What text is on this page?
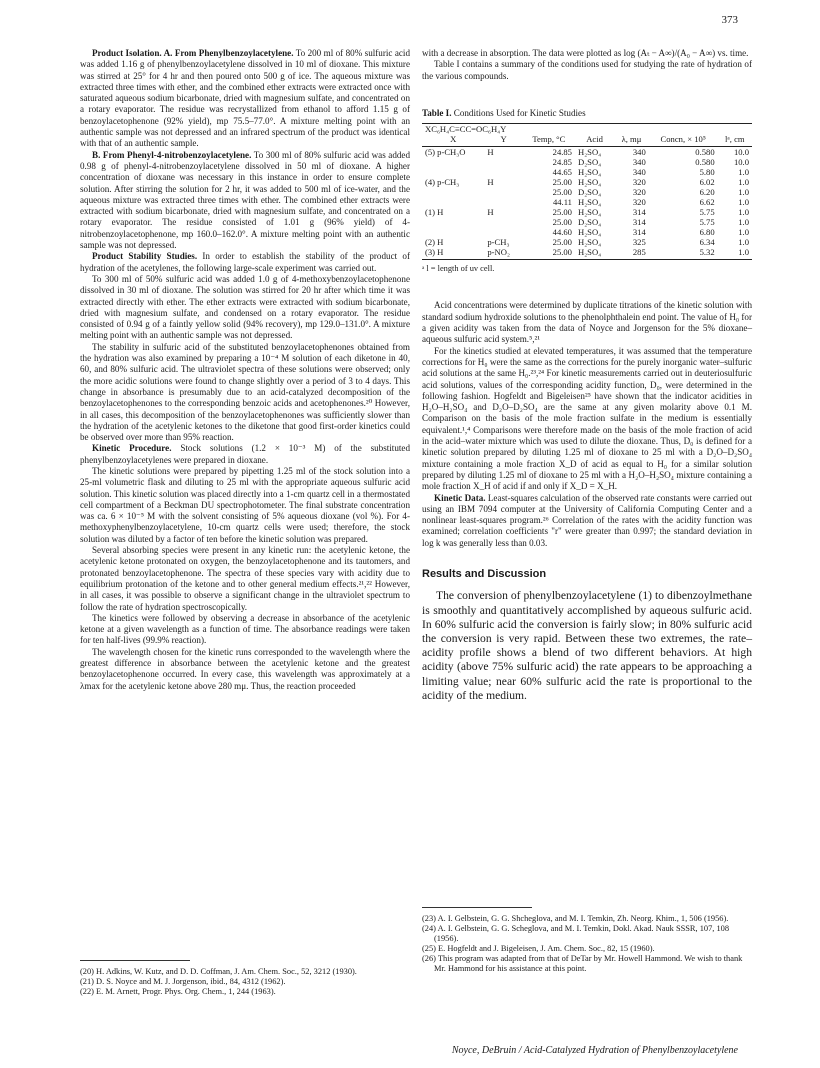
373

Product Isolation. A. From Phenylbenzoylacetylene. To 200 ml of 80% sulfuric acid was added 1.16 g of phenylbenzoylacetylene dissolved in 10 ml of dioxane. This mixture was stirred at 25° for 4 hr and then poured onto 500 g of ice. The aqueous mixture was extracted three times with ether, and the combined ether extracts were extracted once with saturated aqueous sodium bicarbonate, dried with magnesium sulfate, and concentrated on a rotary evaporator. The residue was recrystallized from ethanol to afford 1.15 g of benzoylacetophenone (92% yield), mp 75.5–77.0°. A mixture melting point with an authentic sample was not depressed and an infrared spectrum of the product was identical with that of an authentic sample.

B. From Phenyl-4-nitrobenzoylacetylene. To 300 ml of 80% sulfuric acid was added 0.98 g of phenyl-4-nitrobenzoylacetylene dissolved in 50 ml of dioxane. A higher concentration of dioxane was necessary in this instance in order to ensure complete solution. After stirring the solution for 2 hr, it was added to 500 ml of ice-water, and the aqueous mixture was extracted three times with ether. The combined ether extracts were extracted with sodium bicarbonate, dried with magnesium sulfate, and concentrated on a rotary evaporator. The residue consisted of 1.01 g (96% yield) of 4-nitrobenzoylacetophenone, mp 160.0–162.0°. A mixture melting point with an authentic sample was not depressed.

Product Stability Studies. In order to establish the stability of the product of hydration of the acetylenes, the following large-scale experiment was carried out.

To 300 ml of 50% sulfuric acid was added 1.0 g of 4-methoxybenzoylacetophenone dissolved in 30 ml of dioxane. The solution was stirred for 20 hr after which time it was extracted directly with ether. The ether extracts were extracted with sodium bicarbonate, dried with magnesium sulfate, and condensed on a rotary evaporator. The residue consisted of 0.94 g of a faintly yellow solid (94% recovery), mp 129.0–131.0°. A mixture melting point with an authentic sample was not depressed.

The stability in sulfuric acid of the substituted benzoylacetophenones obtained from the hydration was also examined by preparing a 10⁻⁴ M solution of each diketone in 40, 60, and 80% sulfuric acid. The ultraviolet spectra of these solutions were observed; only the more acidic solutions were found to change slightly over a period of 3 to 4 days. This change in absorbance is presumably due to an acid-catalyzed decomposition of the benzoylacetophenones to the corresponding benzoic acids and acetophenones.²⁰ However, in all cases, this decomposition of the benzoylacetophenones was sufficiently slower than the hydration of the acetylenic ketones to the diketone that good first-order kinetics could be observed over more than 95% reaction.

Kinetic Procedure. Stock solutions (1.2 × 10⁻³ M) of the substituted phenylbenzoylacetylenes were prepared in dioxane.

The kinetic solutions were prepared by pipetting 1.25 ml of the stock solution into a 25-ml volumetric flask and diluting to 25 ml with the appropriate aqueous sulfuric acid solution. This kinetic solution was placed directly into a 1-cm quartz cell in a thermostated cell compartment of a Beckman DU spectrophotometer. The final substrate concentration was ca. 6 × 10⁻⁵ M with the solvent consisting of 5% aqueous dioxane (vol %). For 4-methoxyphenylbenzoylacetylene, 10-cm quartz cells were used; therefore, the stock solution was diluted by a factor of ten before the kinetic solution was prepared.

Several absorbing species were present in any kinetic run: the acetylenic ketone, the acetylenic ketone protonated on oxygen, the benzoylacetophenone and its tautomers, and protonated benzoylacetophenone. The spectra of these species vary with acidity due to equilibrium protonation of the ketone and to other general medium effects.²¹,²² However, in all cases, it was possible to observe a significant change in the ultraviolet spectrum to follow the rate of hydration spectroscopically.

The kinetics were followed by observing a decrease in absorbance of the acetylenic ketone at a given wavelength as a function of time. The absorbance readings were taken for ten half-lives (99.9% reaction).

The wavelength chosen for the kinetic runs corresponded to the wavelength where the greatest difference in absorbance between the acetylenic ketone and the greatest benzoylacetophenone occurred. In every case, this wavelength was approximately at a λmax for the acetylenic ketone above 280 mμ. Thus, the reaction proceeded

with a decrease in absorption. The data were plotted as log (Aₜ − A∞)/(A₀ − A∞) vs. time.

Table I contains a summary of the conditions used for studying the rate of hydration of the various compounds.

Table I. Conditions Used for Kinetic Studies
XC₆H₄C≡CC=OC₆H₄Y						
X	Y	Temp, °C	Acid	λ, mμ	Concn, × 10⁵	lᵃ, cm
(5) p-CH₃O	H	24.85	H₂SO₄	340	0.580	10.0
		24.85	D₂SO₄	340	0.580	10.0
		44.65	H₂SO₄	340	5.80	1.0
(4) p-CH₃	H	25.00	H₂SO₄	320	6.02	1.0
		25.00	D₂SO₄	320	6.20	1.0
		44.11	H₂SO₄	320	6.62	1.0
(1) H	H	25.00	H₂SO₄	314	5.75	1.0
		25.00	D₂SO₄	314	5.75	1.0
		44.60	H₂SO₄	314	6.80	1.0
(2) H	p-CH₃	25.00	H₂SO₄	325	6.34	1.0
(3) H	p-NO₂	25.00	H₂SO₄	285	5.32	1.0
ᵃ l = length of uv cell.

Acid concentrations were determined by duplicate titrations of the kinetic solution with standard sodium hydroxide solutions to the phenolphthalein end point. The value of H₀ for a given acidity was taken from the data of Noyce and Jorgenson for the 5% dioxane–aqueous sulfuric acid system.⁵,²¹

For the kinetics studied at elevated temperatures, it was assumed that the temperature corrections for H₀ were the same as the corrections for the purely inorganic water–sulfuric acid solutions at the same H₀.²³,²⁴ For kinetic measurements carried out in deuteriosulfuric acid solutions, values of the corresponding acidity function, D₀, were determined in the following fashion. Hogfeldt and Bigeleisen²⁵ have shown that the indicator acidities in H₂O–H₂SO₄ and D₂O–D₂SO₄ are the same at any given molarity above 0.1 M. Comparison on the basis of the mole fraction sulfate in the medium is essentially equivalent.¹,⁴ Comparisons were therefore made on the basis of the mole fraction of acid in the acid–water mixture which was used to dilute the dioxane. Thus, D₀ is defined for a kinetic solution prepared by diluting 1.25 ml of dioxane to 25 ml with a D₂O–D₂SO₄ mixture containing a mole fraction X_D of acid as equal to H₀ for a similar solution prepared by diluting 1.25 ml of dioxane to 25 ml with a H₂O–H₂SO₄ mixture containing a mole fraction X_H of acid if and only if X_D = X_H.

Kinetic Data. Least-squares calculation of the observed rate constants were carried out using an IBM 7094 computer at the University of California Computing Center and a nonlinear least-squares program.²⁶ Correlation of the rates with the acidity function was examined; correlation coefficients "r" were greater than 0.997; the standard deviation in log k was generally less than 0.03.

Results and Discussion

The conversion of phenylbenzoylacetylene (1) to dibenzoylmethane is smoothly and quantitatively accomplished by aqueous sulfuric acid. In 60% sulfuric acid the conversion is fairly slow; in 80% sulfuric acid the conversion is very rapid. Between these two extremes, the rate–acidity profile shows a blend of two different behaviors. At high acidity (above 75% sulfuric acid) the rate appears to be approaching a limiting value; near 60% sulfuric acid the rate is proportional to the acidity of the medium.

(20) H. Adkins, W. Kutz, and D. D. Coffman, J. Am. Chem. Soc., 52, 3212 (1930).

(21) D. S. Noyce and M. J. Jorgenson, ibid., 84, 4312 (1962).

(22) E. M. Arnett, Progr. Phys. Org. Chem., 1, 244 (1963).

(23) A. I. Gelbstein, G. G. Shcheglova, and M. I. Temkin, Zh. Neorg. Khim., 1, 506 (1956).

(24) A. I. Gelbstein, G. G. Scheglova, and M. I. Temkin, Dokl. Akad. Nauk SSSR, 107, 108 (1956).

(25) E. Hogfeldt and J. Bigeleisen, J. Am. Chem. Soc., 82, 15 (1960).

(26) This program was adapted from that of DeTar by Mr. Howell Hammond. We wish to thank Mr. Hammond for his assistance at this point.

Noyce, DeBruin / Acid-Catalyzed Hydration of Phenylbenzoylacetylene
